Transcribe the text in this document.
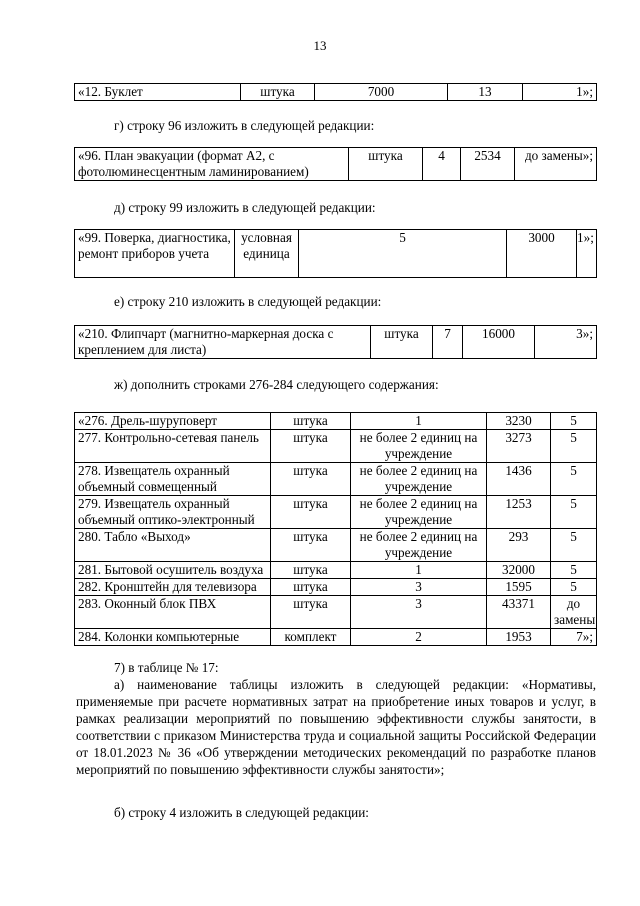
13
«12. Буклет	штука	7000	13	1»;
г) строку 96 изложить в следующей редакции:
«96. План эвакуации (формат А2, с фотолюминесцентным ламинированием)	штука	4	2534	до замены»;
д) строку 99 изложить в следующей редакции:
«99. Поверка, диагностика, ремонт приборов учета	условная единица	5	3000	1»;
е) строку 210 изложить в следующей редакции:
«210. Флипчарт (магнитно-маркерная доска с креплением для листа)	штука	7	16000	3»;
ж) дополнить строками 276-284 следующего содержания:
«276. Дрель-шуруповерт	штука	1	3230	5
277. Контрольно-сетевая панель	штука	не более 2 единиц на учреждение	3273	5
278. Извещатель охранный объемный совмещенный	штука	не более 2 единиц на учреждение	1436	5
279. Извещатель охранный объемный оптико-электронный	штука	не более 2 единиц на учреждение	1253	5
280. Табло «Выход»	штука	не более 2 единиц на учреждение	293	5
281. Бытовой осушитель воздуха	штука	1	32000	5
282. Кронштейн для телевизора	штука	3	1595	5
283. Оконный блок ПВХ	штука	3	43371	до замены
284. Колонки компьютерные	комплект	2	1953	7»;
7) в таблице № 17:
а) наименование таблицы изложить в следующей редакции: «Нормативы, применяемые при расчете нормативных затрат на приобретение иных товаров и услуг, в рамках реализации мероприятий по повышению эффективности службы занятости, в соответствии с приказом Министерства труда и социальной защиты Российской Федерации от 18.01.2023 № 36 «Об утверждении методических рекомендаций по разработке планов мероприятий по повышению эффективности службы занятости»;
б) строку 4 изложить в следующей редакции:
